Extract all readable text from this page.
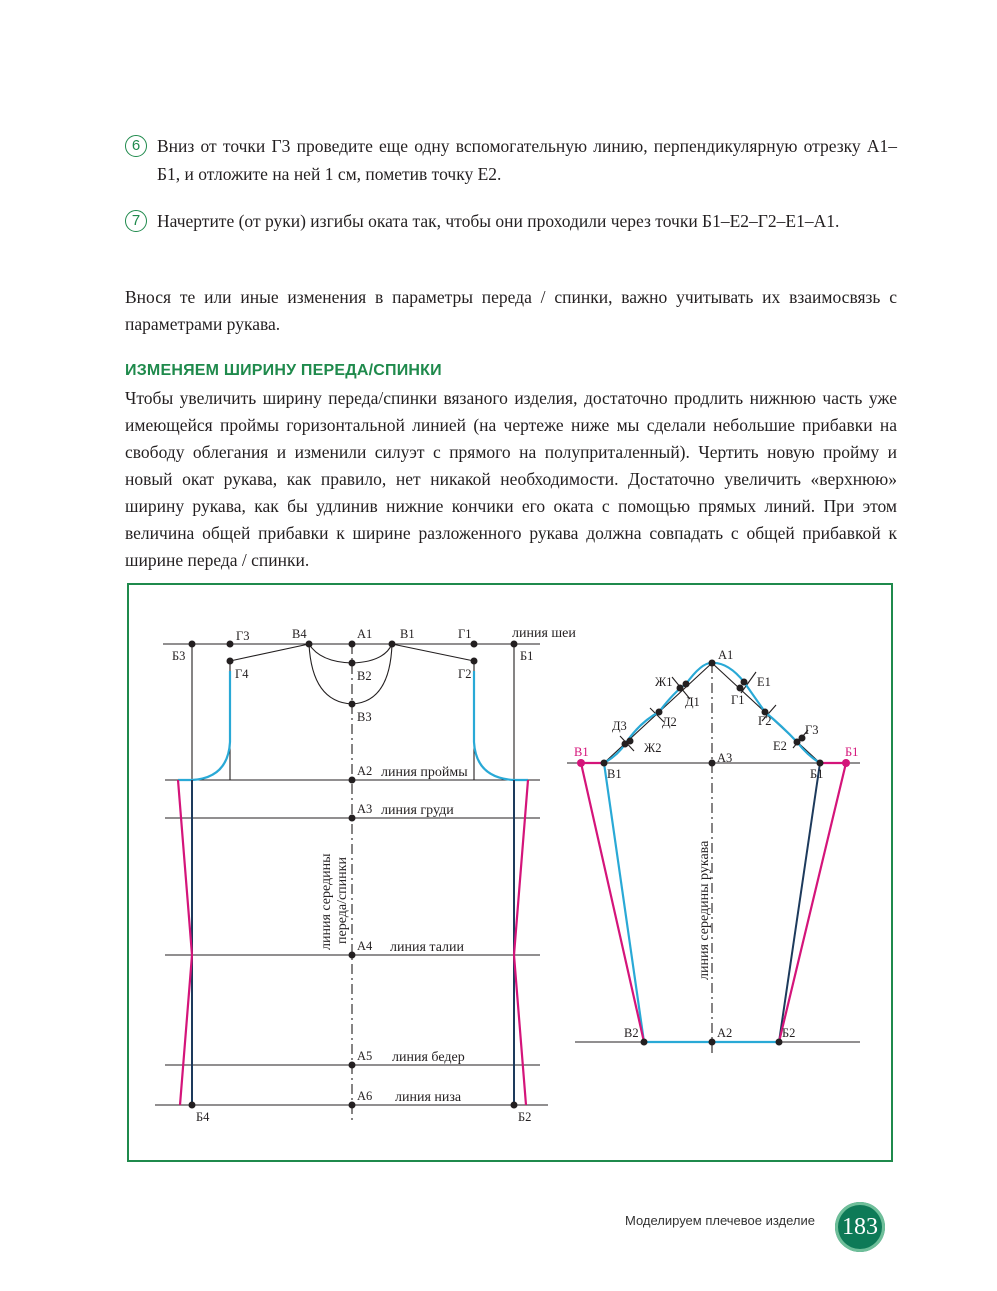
6 Вниз от точки Г3 проведите еще одну вспомогательную линию, перпендикулярную отрезку А1–Б1, и отложите на ней 1 см, пометив точку Е2.
7 Начертите (от руки) изгибы оката так, чтобы они проходили через точки Б1–Е2–Г2–Е1–А1.
Внося те или иные изменения в параметры переда / спинки, важно учитывать их взаимосвязь с параметрами рукава.
ИЗМЕНЯЕМ ШИРИНУ ПЕРЕДА/СПИНКИ
Чтобы увеличить ширину переда/спинки вязаного изделия, достаточно продлить нижнюю часть уже имеющейся проймы горизонтальной линией (на чертеже ниже мы сделали небольшие прибавки на свободу облегания и изменили силуэт с прямого на полуприталенный). Чертить новую пройму и новый окат рукава, как правило, нет никакой необходимости. Достаточно увеличить «верхнюю» ширину рукава, как бы удлинив нижние кончики его оката с помощью прямых линий. При этом величина общей прибавки к ширине разложенного рукава должна совпадать с общей прибавкой к ширине переда / спинки.
Г3	В4	А1 В1	Г1
Б3	Б1
Г4	В2	Г2
В3
А2
А3
А4
А5
А6
Б4	Б2
линия шеи
линия проймы
линия груди
линия талии
линия бедер
линия низа
линия середины переда/спинки
А1
Ж1	Е1
Д1 Г1
Д2	Г2
Д3	Г3
Ж2	Е2
В1
В1
А3
Б1
Б1
В2	А2	Б2
линия середины рукава
Моделируем плечевое изделие 183
